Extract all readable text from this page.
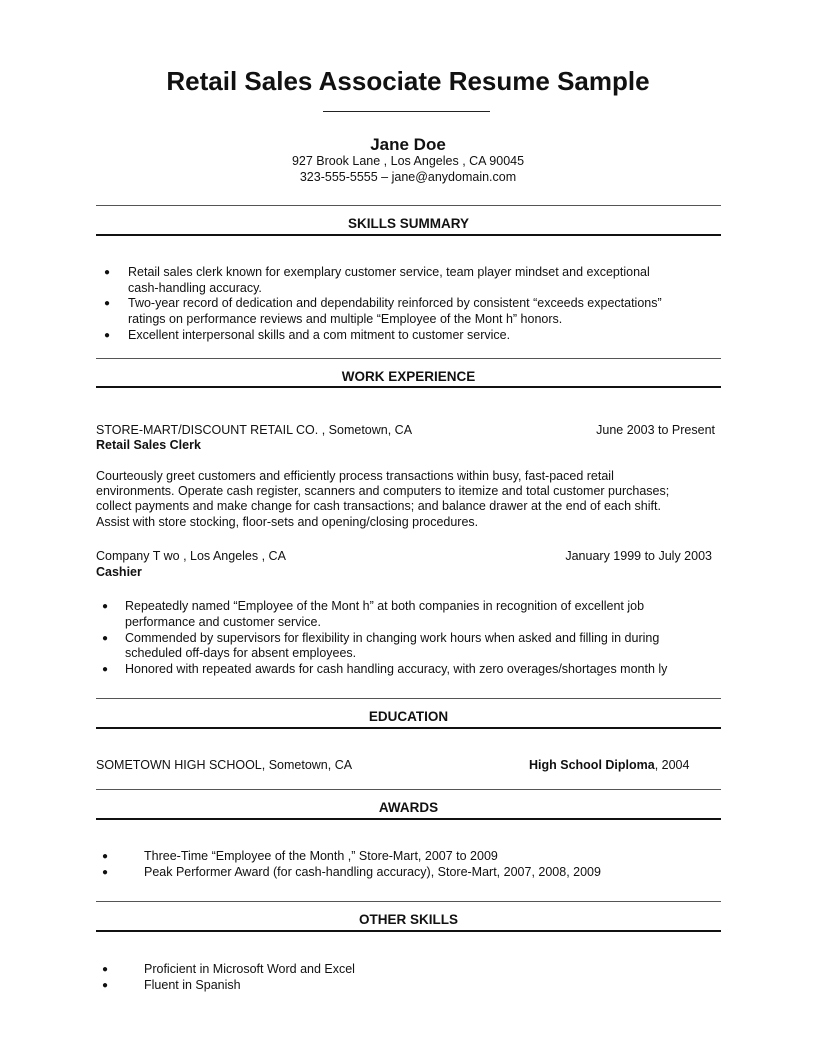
Retail Sales Associate Resume Sample
Jane Doe
927 Brook Lane , Los Angeles , CA 90045
323-555-5555 – jane@anydomain.com
SKILLS SUMMARY
● Retail sales clerk known for exemplary customer service, team player mindset and exceptional
cash-handling accuracy.
● Two-year record of dedication and dependability reinforced by consistent “exceeds expectations”
ratings on performance reviews and multiple “Employee of the Mont h” honors.
● Excellent interpersonal skills and a com mitment to customer service.
WORK EXPERIENCE
STORE-MART/DISCOUNT RETAIL CO. , Sometown, CA	June 2003 to Present
Retail Sales Clerk
Courteously greet customers and efficiently process transactions within busy, fast-paced retail
environments. Operate cash register, scanners and computers to itemize and total customer purchases;
collect payments and make change for cash transactions; and balance drawer at the end of each shift.
Assist with store stocking, floor-sets and opening/closing procedures.
Company T wo , Los Angeles , CA	January 1999 to July 2003
Cashier
● Repeatedly named “Employee of the Mont h” at both companies in recognition of excellent job
performance and customer service.
● Commended by supervisors for flexibility in changing work hours when asked and filling in during
scheduled off-days for absent employees.
● Honored with repeated awards for cash handling accuracy, with zero overages/shortages month ly
EDUCATION
SOMETOWN HIGH SCHOOL, Sometown, CA	High School Diploma, 2004
AWARDS
●	Three-Time “Employee of the Month ,” Store-Mart, 2007 to 2009
●	Peak Performer Award (for cash-handling accuracy), Store-Mart, 2007, 2008, 2009
OTHER SKILLS
●	Proficient in Microsoft Word and Excel
●	Fluent in Spanish
